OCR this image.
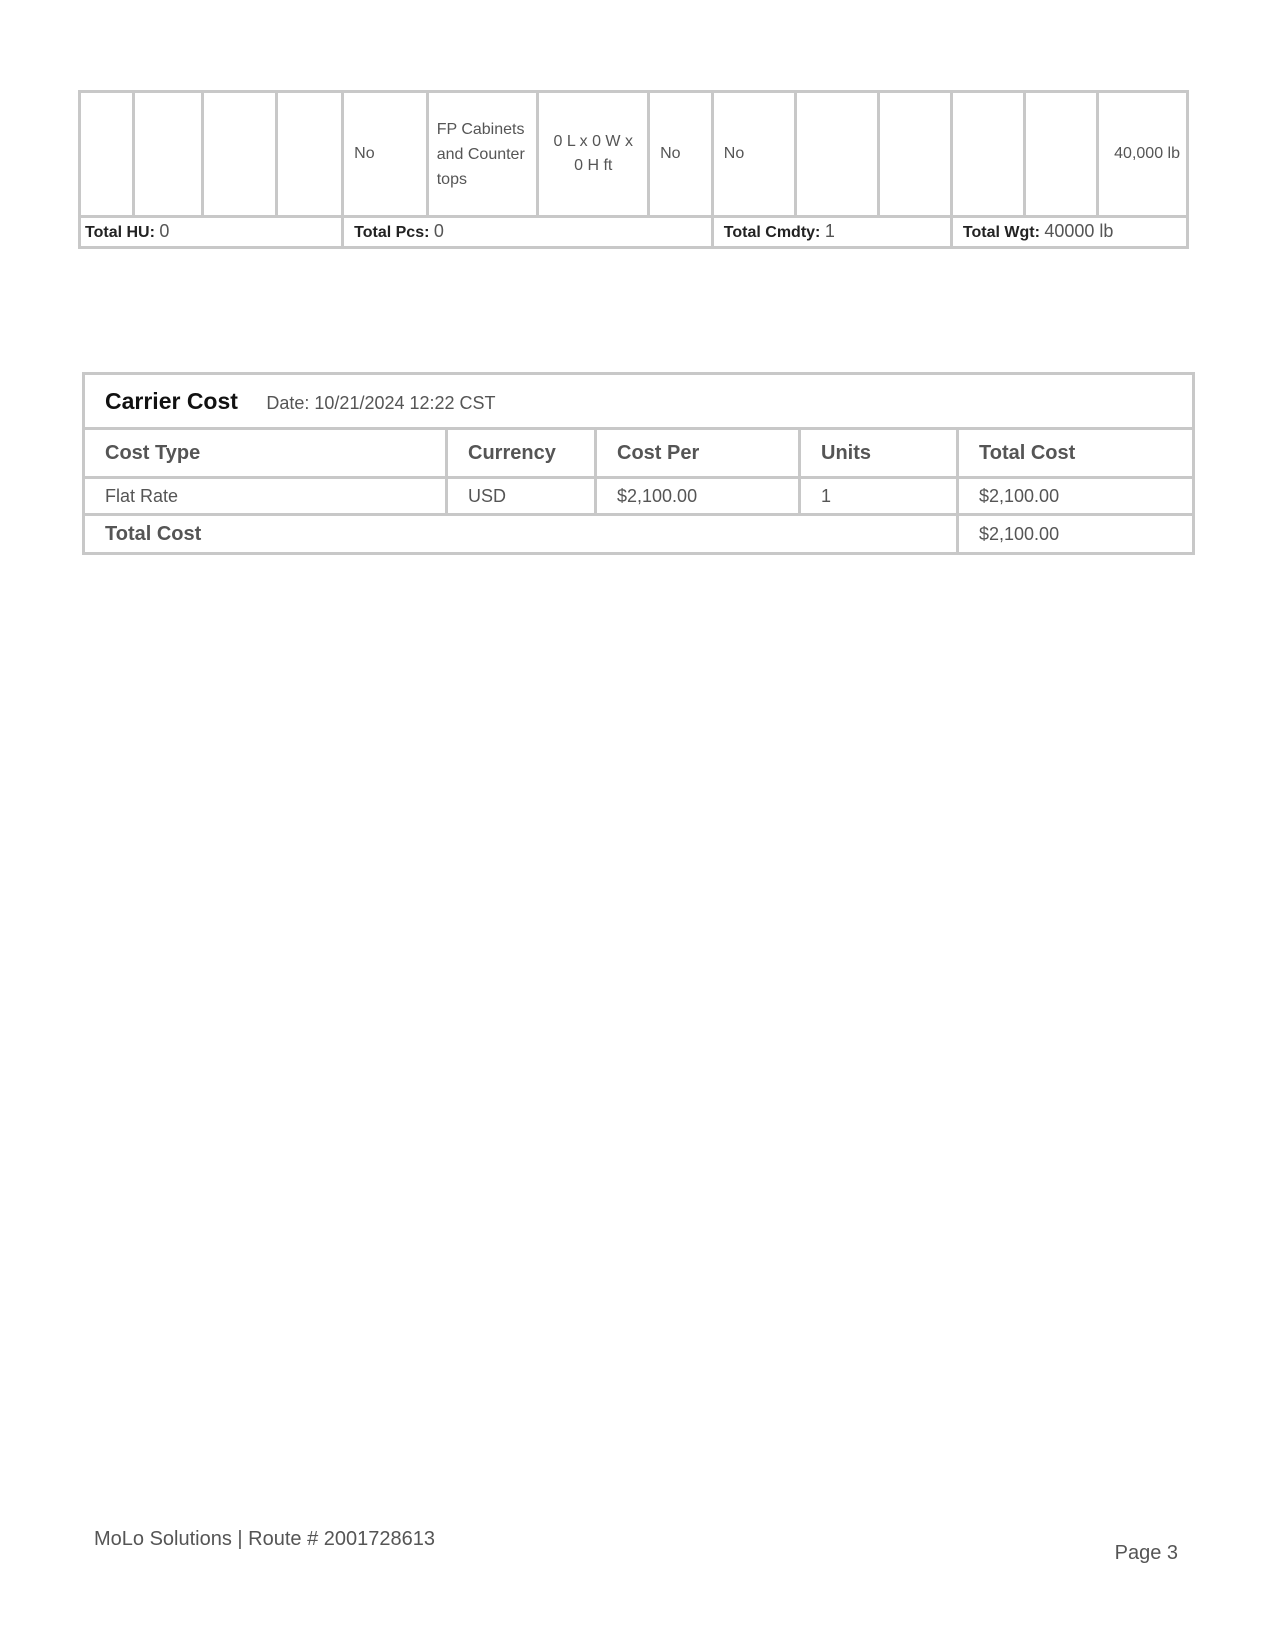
				No	FP Cabinets and Countertops	0 L x 0 W x 0 H ft	No	No					40,000 lb
Total HU: 0				Total Pcs: 0				Total Cmdty: 1			Total Wgt: 40000 lb		
Carrier Cost Date: 10/21/2024 12:22 CST				
Cost Type	Currency	Cost Per	Units	Total Cost
Flat Rate	USD	$2,100.00	1	$2,100.00
Total Cost				$2,100.00
MoLo Solutions | Route # 2001728613
Page 3
